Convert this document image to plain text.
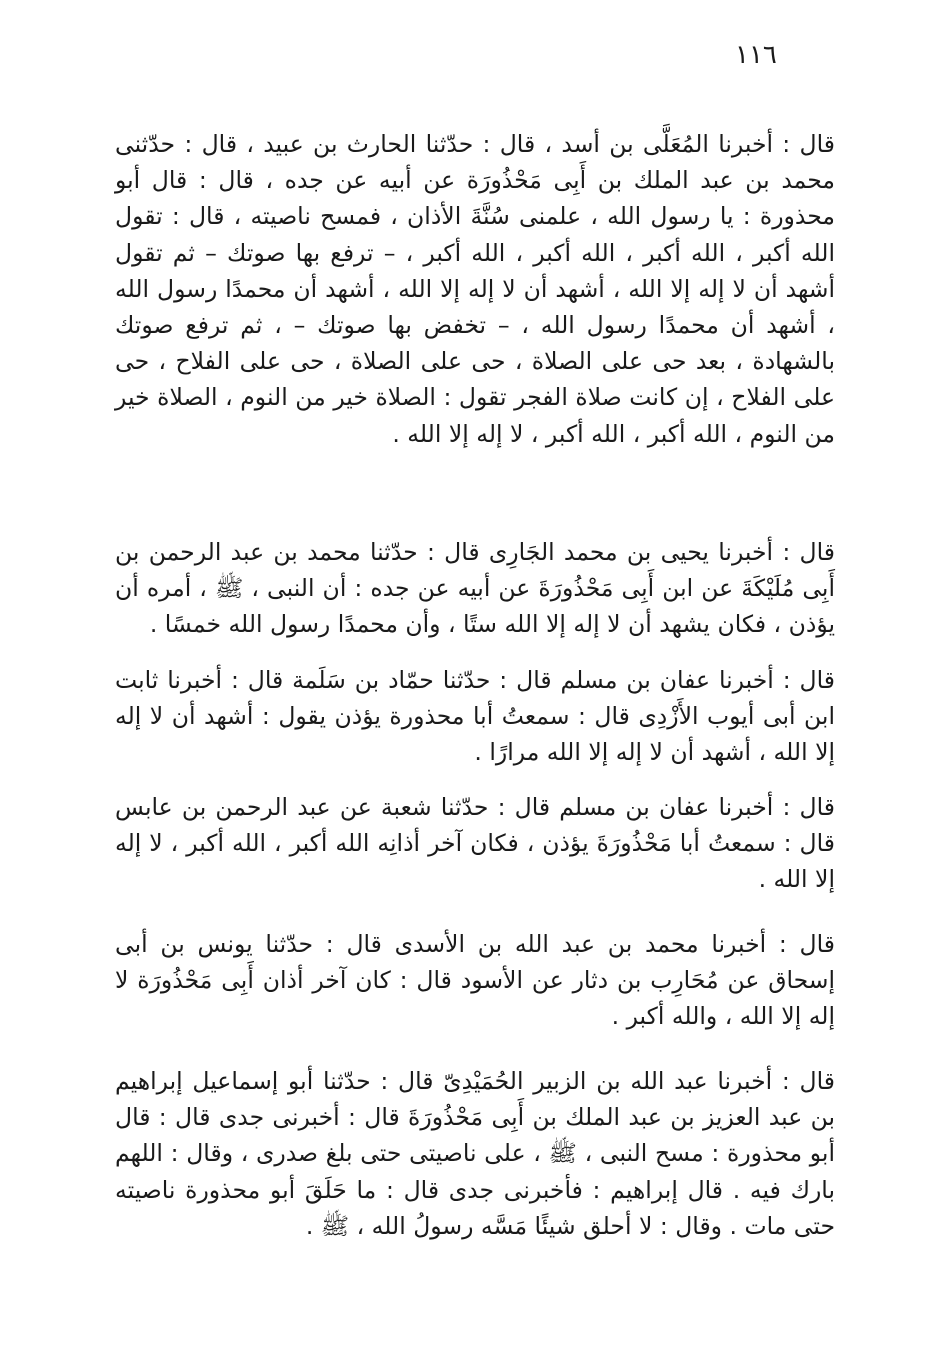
١١٦

قال : أخبرنا المُعَلَّى بن أسد ، قال : حدّثنا الحارث بن عبيد ، قال : حدّثنى محمد بن عبد الملك بن أَبِى مَحْذُورَة عن أبيه عن جده ، قال : قال أبو محذورة : يا رسول الله ، علمنى سُنَّةَ الأذان ، فمسح ناصيته ، قال : تقول الله أكبر ، الله أكبر ، الله أكبر ، الله أكبر ، – ترفع بها صوتك – ثم تقول أشهد أن لا إله إلا الله ، أشهد أن لا إله إلا الله ، أشهد أن محمدًا رسول الله ، أشهد أن محمدًا رسول الله ، – تخفض بها صوتك – ، ثم ترفع صوتك بالشهادة ، بعد حى على الصلاة ، حى على الصلاة ، حى على الفلاح ، حى على الفلاح ، إن كانت صلاة الفجر تقول : الصلاة خير من النوم ، الصلاة خير من النوم ، الله أكبر ، الله أكبر ، لا إله إلا الله .

قال : أخبرنا يحيى بن محمد الجَارِى قال : حدّثنا محمد بن عبد الرحمن بن أَبِى مُلَيْكَةَ عن ابن أَبِى مَحْذُورَةَ عن أبيه عن جده : أن النبى ، ﷺ ، أمره أن يؤذن ، فكان يشهد أن لا إله إلا الله ستًا ، وأن محمدًا رسول الله خمسًا .

قال : أخبرنا عفان بن مسلم قال : حدّثنا حمّاد بن سَلَمة قال : أخبرنا ثابت ابن أبى أيوب الأَزْدِى قال : سمعتُ أبا محذورة يؤذن يقول : أشهد أن لا إله إلا الله ، أشهد أن لا إله إلا الله مرارًا .

قال : أخبرنا عفان بن مسلم قال : حدّثنا شعبة عن عبد الرحمن بن عابس قال : سمعتُ أبا مَحْذُورَةَ يؤذن ، فكان آخر أذانِه الله أكبر ، الله أكبر ، لا إله إلا الله .

قال : أخبرنا محمد بن عبد الله بن الأسدى قال : حدّثنا يونس بن أبى إسحاق عن مُحَارِب بن دثار عن الأسود قال : كان آخر أذان أَبِى مَحْذُورَة لا إله إلا الله ، والله أكبر .

قال : أخبرنا عبد الله بن الزبير الحُمَيْدِىّ قال : حدّثنا أبو إسماعيل إبراهيم بن عبد العزيز بن عبد الملك بن أَبِى مَحْذُورَةَ قال : أخبرنى جدى قال : قال أبو محذورة : مسح النبى ، ﷺ ، على ناصيتى حتى بلغ صدرى ، وقال : اللهم بارك فيه . قال إبراهيم : فأخبرنى جدى قال : ما حَلَقَ أبو محذورة ناصيته حتى مات . وقال : لا أحلق شيئًا مَسَّه رسولُ الله ، ﷺ .
